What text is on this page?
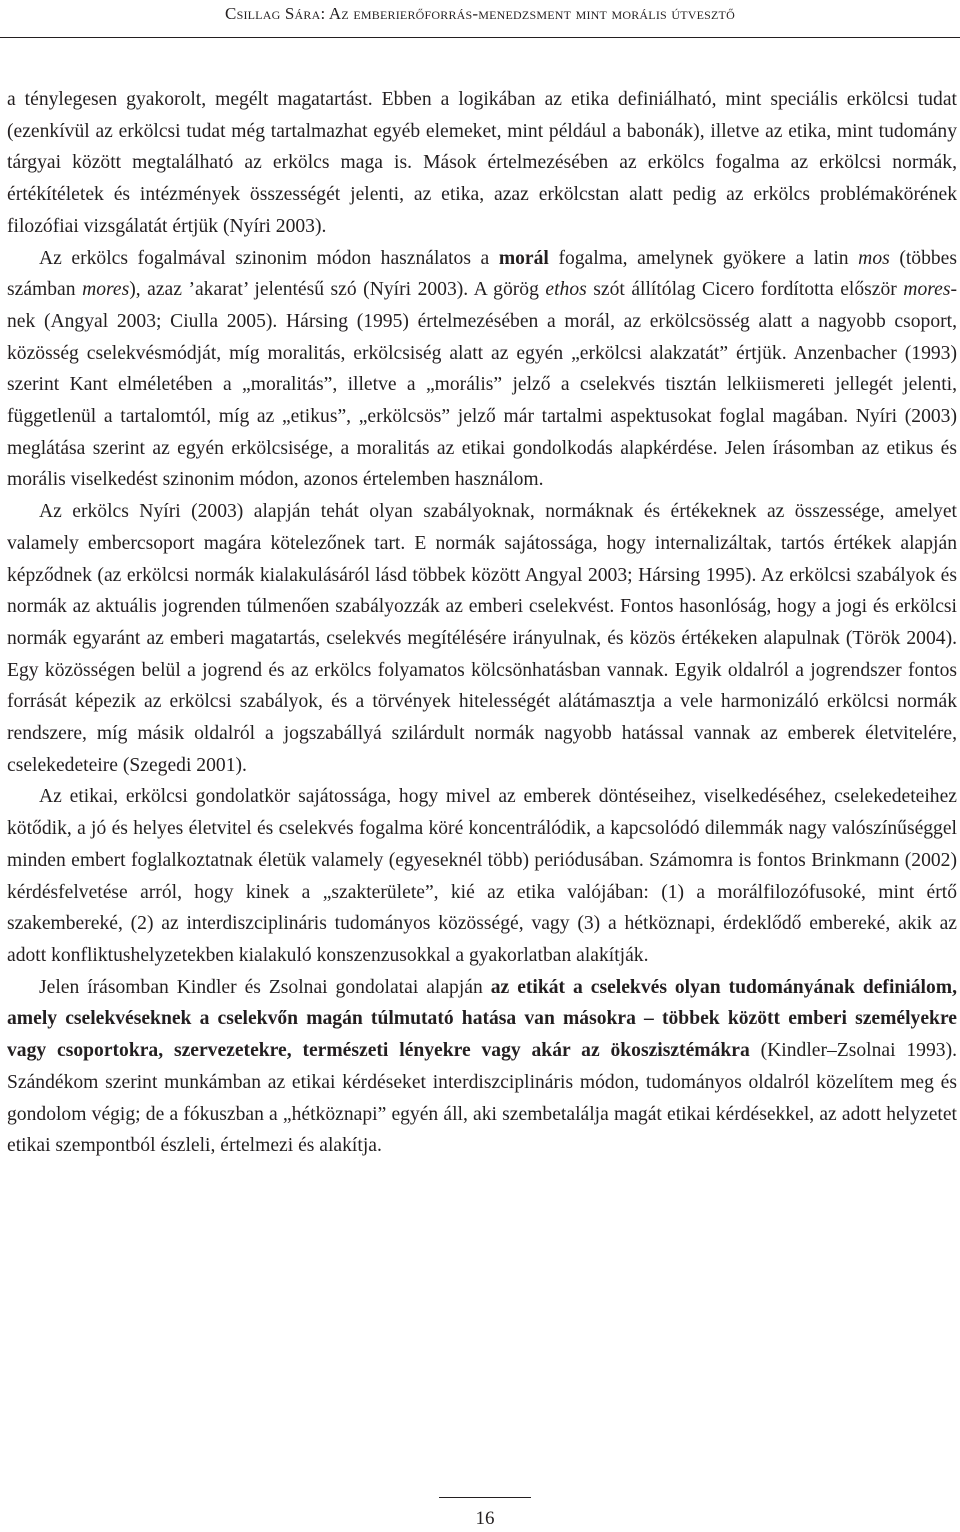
Csillag Sára: Az emberierőforrás-menedzsment mint morális útvesztő

a ténylegesen gyakorolt, megélt magatartást. Ebben a logikában az etika definiálható, mint speciális erkölcsi tudat (ezenkívül az erkölcsi tudat még tartalmazhat egyéb elemeket, mint például a babonák), illetve az etika, mint tudomány tárgyai között megtalálható az erkölcs maga is. Mások értelmezésében az erkölcs fogalma az erkölcsi normák, értékítéletek és intézmények összességét jelenti, az etika, azaz erkölcstan alatt pedig az erkölcs problémakörének filozófiai vizsgálatát értjük (Nyíri 2003).

Az erkölcs fogalmával szinonim módon használatos a morál fogalma, amelynek gyökere a latin mos (többes számban mores), azaz ’akarat’ jelentésű szó (Nyíri 2003). A görög ethos szót állítólag Cicero fordította először mores-nek (Angyal 2003; Ciulla 2005). Hársing (1995) értelmezésében a morál, az erkölcsösség alatt a nagyobb csoport, közösség cselekvésmódját, míg moralitás, erkölcsiség alatt az egyén „erkölcsi alakzatát” értjük. Anzenbacher (1993) szerint Kant elméletében a „moralitás”, illetve a „morális” jelző a cselekvés tisztán lelkiismereti jellegét jelenti, függetlenül a tartalomtól, míg az „etikus”, „erkölcsös” jelző már tartalmi aspektusokat foglal magában. Nyíri (2003) meglátása szerint az egyén erkölcsisége, a moralitás az etikai gondolkodás alapkérdése. Jelen írásomban az etikus és morális viselkedést szinonim módon, azonos értelemben használom.

Az erkölcs Nyíri (2003) alapján tehát olyan szabályoknak, normáknak és értékeknek az összessége, amelyet valamely embercsoport magára kötelezőnek tart. E normák sajátossága, hogy internalizáltak, tartós értékek alapján képződnek (az erkölcsi normák kialakulásáról lásd többek között Angyal 2003; Hársing 1995). Az erkölcsi szabályok és normák az aktuális jogrenden túlmenően szabályozzák az emberi cselekvést. Fontos hasonlóság, hogy a jogi és erkölcsi normák egyaránt az emberi magatartás, cselekvés megítélésére irányulnak, és közös értékeken alapulnak (Török 2004). Egy közösségen belül a jogrend és az erkölcs folyamatos kölcsönhatásban vannak. Egyik oldalról a jogrendszer fontos forrását képezik az erkölcsi szabályok, és a törvények hitelességét alátámasztja a vele harmonizáló erkölcsi normák rendszere, míg másik oldalról a jogszabállyá szilárdult normák nagyobb hatással vannak az emberek életvitelére, cselekedeteire (Szegedi 2001).

Az etikai, erkölcsi gondolatkör sajátossága, hogy mivel az emberek döntéseihez, viselkedéséhez, cselekedeteihez kötődik, a jó és helyes életvitel és cselekvés fogalma köré koncentrálódik, a kapcsolódó dilemmák nagy valószínűséggel minden embert foglalkoztatnak életük valamely (egyeseknél több) periódusában. Számomra is fontos Brinkmann (2002) kérdésfelvetése arról, hogy kinek a „szakterülete”, kié az etika valójában: (1) a morálfilozófusoké, mint értő szakembereké, (2) az interdiszciplináris tudományos közösségé, vagy (3) a hétköznapi, érdeklődő embereké, akik az adott konfliktushelyzetekben kialakuló konszenzusokkal a gyakorlatban alakítják.

Jelen írásomban Kindler és Zsolnai gondolatai alapján az etikát a cselekvés olyan tudományának definiálom, amely cselekvéseknek a cselekvőn magán túlmutató hatása van másokra – többek között emberi személyekre vagy csoportokra, szervezetekre, természeti lényekre vagy akár az ökoszisztémákra (Kindler–Zsolnai 1993). Szándékom szerint munkámban az etikai kérdéseket interdiszciplináris módon, tudományos oldalról közelítem meg és gondolom végig; de a fókuszban a „hétköznapi” egyén áll, aki szembetalálja magát etikai kérdésekkel, az adott helyzetet etikai szempontból észleli, értelmezi és alakítja.

16
